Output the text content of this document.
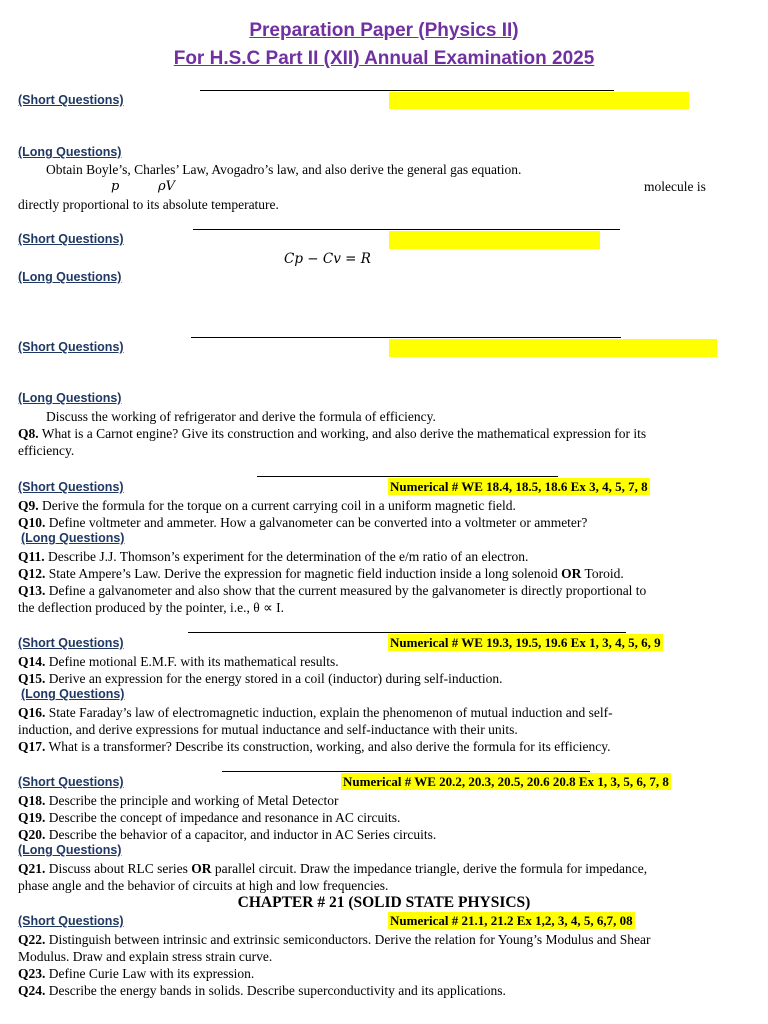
Preparation Paper (Physics II)
For H.S.C Part II (XII) Annual Examination 2025
(Short Questions)
(Long Questions)
Obtain Boyle’s, Charles’ Law, Avogadro’s law, and also derive the general gas equation.
p	ρV	molecule is
directly proportional to its absolute temperature.
(Short Questions)
Cp − Cv = R
(Long Questions)
(Short Questions)
(Long Questions)
Discuss the working of refrigerator and derive the formula of efficiency.
Q8. What is a Carnot engine? Give its construction and working, and also derive the mathematical expression for its
efficiency.
(Short Questions)	Numerical # WE 18.4, 18.5, 18.6 Ex 3, 4, 5, 7, 8
Q9. Derive the formula for the torque on a current carrying coil in a uniform magnetic field.
Q10. Define voltmeter and ammeter. How a galvanometer can be converted into a voltmeter or ammeter?
(Long Questions)
Q11. Describe J.J. Thomson’s experiment for the determination of the e/m ratio of an electron.
Q12. State Ampere’s Law. Derive the expression for magnetic field induction inside a long solenoid OR Toroid.
Q13. Define a galvanometer and also show that the current measured by the galvanometer is directly proportional to
the deflection produced by the pointer, i.e., θ ∝ I.
(Short Questions)	Numerical # WE 19.3, 19.5, 19.6 Ex 1, 3, 4, 5, 6, 9
Q14. Define motional E.M.F. with its mathematical results.
Q15. Derive an expression for the energy stored in a coil (inductor) during self-induction.
(Long Questions)
Q16. State Faraday’s law of electromagnetic induction, explain the phenomenon of mutual induction and self-
induction, and derive expressions for mutual inductance and self-inductance with their units.
Q17. What is a transformer? Describe its construction, working, and also derive the formula for its efficiency.
(Short Questions)	Numerical # WE 20.2, 20.3, 20.5, 20.6 20.8 Ex 1, 3, 5, 6, 7, 8
Q18. Describe the principle and working of Metal Detector
Q19. Describe the concept of impedance and resonance in AC circuits.
Q20. Describe the behavior of a capacitor, and inductor in AC Series circuits.
(Long Questions)
Q21. Discuss about RLC series OR parallel circuit. Draw the impedance triangle, derive the formula for impedance,
phase angle and the behavior of circuits at high and low frequencies.
CHAPTER # 21 (SOLID STATE PHYSICS)
(Short Questions)	Numerical # 21.1, 21.2 Ex 1,2, 3, 4, 5, 6,7, 08
Q22. Distinguish between intrinsic and extrinsic semiconductors. Derive the relation for Young’s Modulus and Shear
Modulus. Draw and explain stress strain curve.
Q23. Define Curie Law with its expression.
Q24. Describe the energy bands in solids. Describe superconductivity and its applications.
